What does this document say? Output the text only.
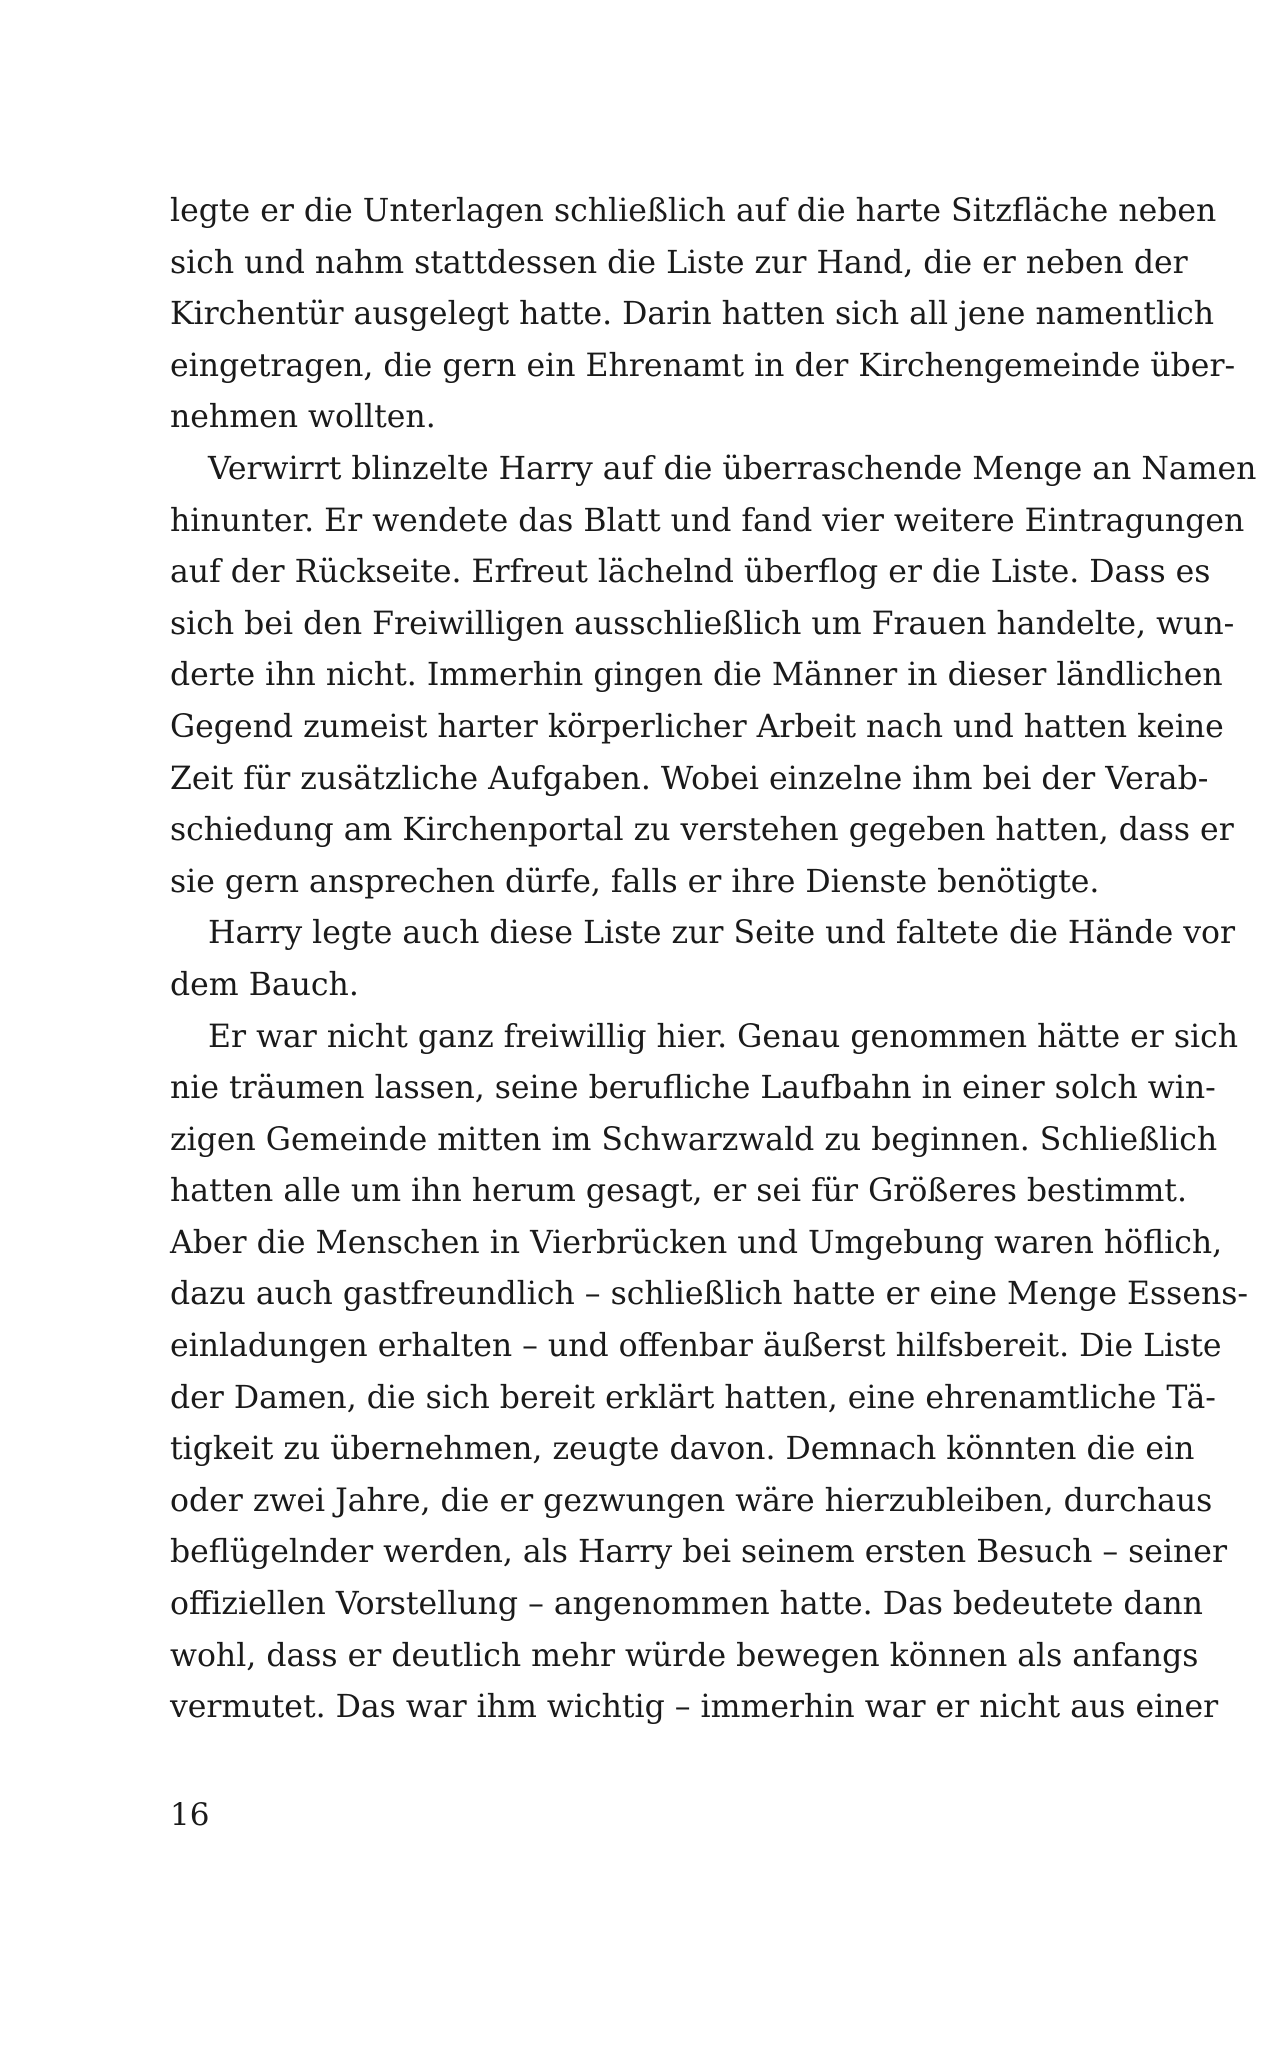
legte er die Unterlagen schließlich auf die harte Sitzfläche neben
sich und nahm stattdessen die Liste zur Hand, die er neben der
Kirchentür ausgelegt hatte. Darin hatten sich all jene namentlich
eingetragen, die gern ein Ehrenamt in der Kirchengemeinde über-
nehmen wollten.
Verwirrt blinzelte Harry auf die überraschende Menge an Namen
hinunter. Er wendete das Blatt und fand vier weitere Eintragungen
auf der Rückseite. Erfreut lächelnd überflog er die Liste. Dass es
sich bei den Freiwilligen ausschließlich um Frauen handelte, wun-
derte ihn nicht. Immerhin gingen die Männer in dieser ländlichen
Gegend zumeist harter körperlicher Arbeit nach und hatten keine
Zeit für zusätzliche Aufgaben. Wobei einzelne ihm bei der Verab-
schiedung am Kirchenportal zu verstehen gegeben hatten, dass er
sie gern ansprechen dürfe, falls er ihre Dienste benötigte.
Harry legte auch diese Liste zur Seite und faltete die Hände vor
dem Bauch.
Er war nicht ganz freiwillig hier. Genau genommen hätte er sich
nie träumen lassen, seine berufliche Laufbahn in einer solch win-
zigen Gemeinde mitten im Schwarzwald zu beginnen. Schließlich
hatten alle um ihn herum gesagt, er sei für Größeres bestimmt.
Aber die Menschen in Vierbrücken und Umgebung waren höflich,
dazu auch gastfreundlich – schließlich hatte er eine Menge Essens-
einladungen erhalten – und offenbar äußerst hilfsbereit. Die Liste
der Damen, die sich bereit erklärt hatten, eine ehrenamtliche Tä-
tigkeit zu übernehmen, zeugte davon. Demnach könnten die ein
oder zwei Jahre, die er gezwungen wäre hierzubleiben, durchaus
beflügelnder werden, als Harry bei seinem ersten Besuch – seiner
offiziellen Vorstellung – angenommen hatte. Das bedeutete dann
wohl, dass er deutlich mehr würde bewegen können als anfangs
vermutet. Das war ihm wichtig – immerhin war er nicht aus einer
16
